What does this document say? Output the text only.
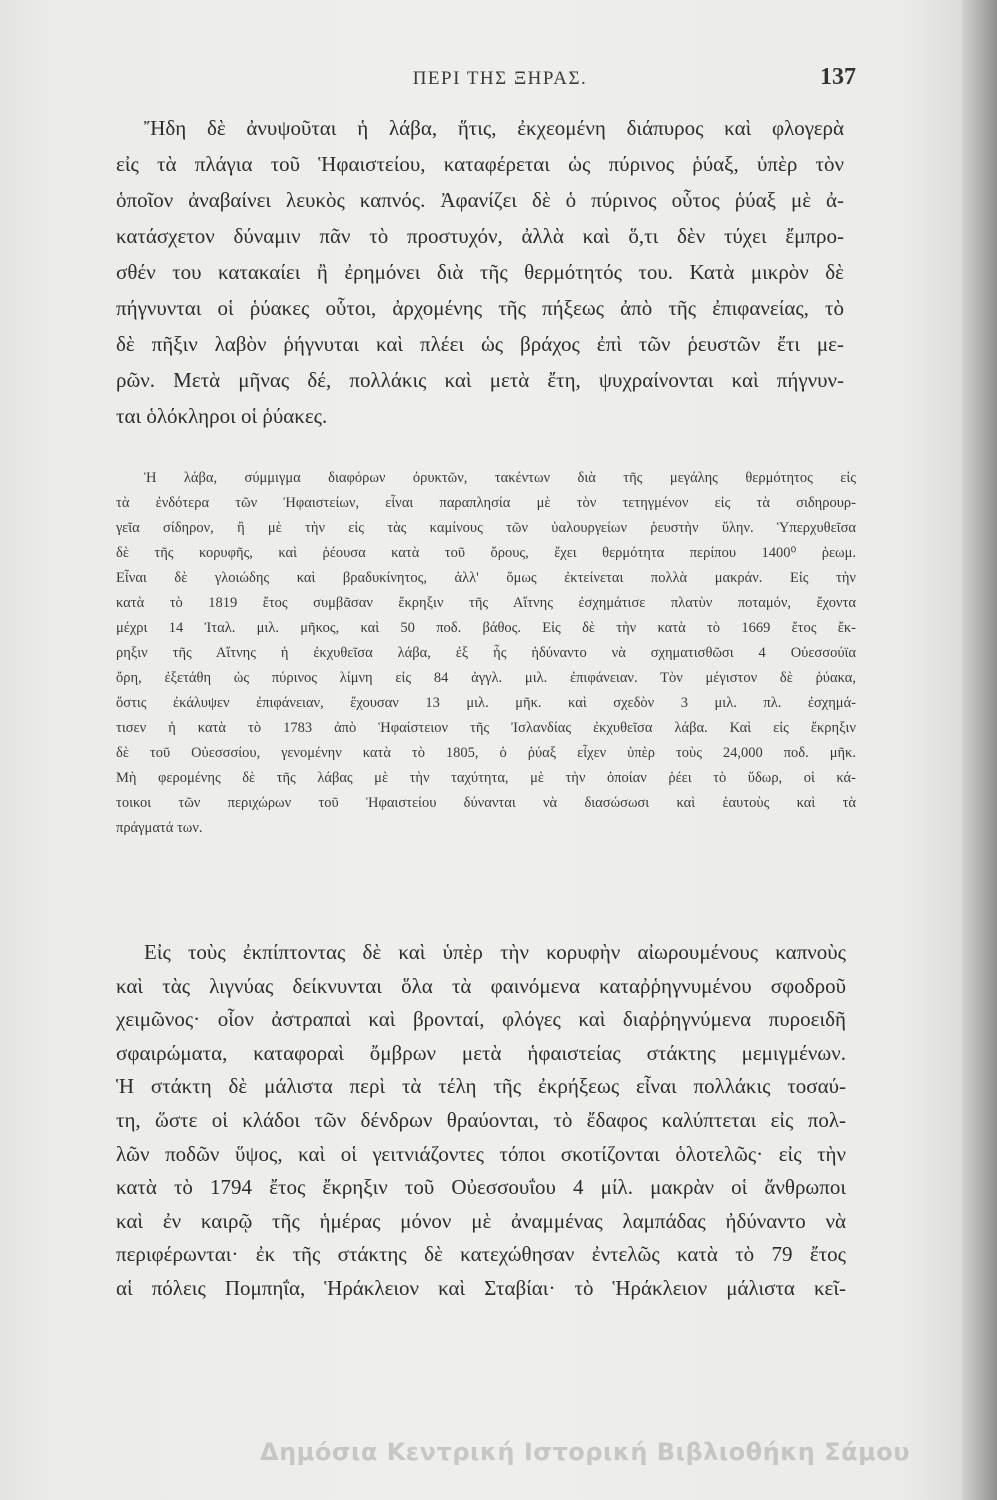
ΠΕΡΙ ΤΗΣ ΞΗΡΑΣ.	137

Ἤδη δὲ ἀνυψοῦται ἡ λάβα, ἥτις, ἐκχεομένη διάπυρος καὶ φλογερὰ
εἰς τὰ πλάγια τοῦ Ἡφαιστείου, καταφέρεται ὡς πύρινος ῥύαξ, ὑπὲρ τὸν
ὁποῖον ἀναβαίνει λευκὸς καπνός. Ἀφανίζει δὲ ὁ πύρινος οὗτος ῥύαξ μὲ ἀ-
κατάσχετον δύναμιν πᾶν τὸ προστυχόν, ἀλλὰ καὶ ὅ,τι δὲν τύχει ἔμπρο-
σθέν του κατακαίει ἢ ἐρημόνει διὰ τῆς θερμότητός του. Κατὰ μικρὸν δὲ
πήγνυνται οἱ ῥύακες οὗτοι, ἀρχομένης τῆς πήξεως ἀπὸ τῆς ἐπιφανείας, τὸ
δὲ πῆξιν λαβὸν ῥήγνυται καὶ πλέει ὡς βράχος ἐπὶ τῶν ῥευστῶν ἔτι με-
ρῶν. Μετὰ μῆνας δέ, πολλάκις καὶ μετὰ ἔτη, ψυχραίνονται καὶ πήγνυν-
ται ὁλόκληροι οἱ ῥύακες.

Ἡ λάβα, σύμμιγμα διαφόρων ὀρυκτῶν, τακέντων διὰ τῆς μεγάλης θερμότητος εἰς
τὰ ἐνδότερα τῶν Ἡφαιστείων, εἶναι παραπλησία μὲ τὸν τετηγμένον εἰς τὰ σιδηρουρ-
γεῖα σίδηρον, ἢ μὲ τὴν εἰς τὰς καμίνους τῶν ὑαλουργείων ῥευστὴν ὕλην. Ὑπερχυθεῖσα
δὲ τῆς κορυφῆς, καὶ ῥέουσα κατὰ τοῦ ὄρους, ἔχει θερμότητα περίπου 1400⁰ ῥεωμ.
Εἶναι δὲ γλοιώδης καὶ βραδυκίνητος, ἀλλ' ὅμως ἐκτείνεται πολλὰ μακράν. Εἰς τὴν
κατὰ τὸ 1819 ἔτος συμβᾶσαν ἔκρηξιν τῆς Αἴτνης ἐσχημάτισε πλατὺν ποταμόν, ἔχοντα
μέχρι 14 Ἰταλ. μιλ. μῆκος, καὶ 50 ποδ. βάθος. Εἰς δὲ τὴν κατὰ τὸ 1669 ἔτος ἔκ-
ρηξιν τῆς Αἴτνης ἡ ἐκχυθεῖσα λάβα, ἐξ ἧς ἠδύναντο νὰ σχηματισθῶσι 4 Οὐεσσούϊα
ὄρη, ἐξετάθη ὡς πύρινος λίμνη εἰς 84 ἀγγλ. μιλ. ἐπιφάνειαν. Τὸν μέγιστον δὲ ῥύακα,
ὅστις ἐκάλυψεν ἐπιφάνειαν, ἔχουσαν 13 μιλ. μῆκ. καὶ σχεδὸν 3 μιλ. πλ. ἐσχημά-
τισεν ἡ κατὰ τὸ 1783 ἀπὸ Ἡφαίστειον τῆς Ἰσλανδίας ἐκχυθεῖσα λάβα. Καὶ εἰς ἔκρηξιν
δὲ τοῦ Οὐεσσσίου, γενομένην κατὰ τὸ 1805, ὁ ῥύαξ εἶχεν ὑπὲρ τοὺς 24,000 ποδ. μῆκ.
Μὴ φερομένης δὲ τῆς λάβας μὲ τὴν ταχύτητα, μὲ τὴν ὁποίαν ῥέει τὸ ὕδωρ, οἱ κά-
τοικοι τῶν περιχώρων τοῦ Ἡφαιστείου δύνανται νὰ διασώσωσι καὶ ἑαυτοὺς καὶ τὰ
πράγματά των.

Εἰς τοὺς ἐκπίπτοντας δὲ καὶ ὑπὲρ τὴν κορυφὴν αἰωρουμένους καπνοὺς
καὶ τὰς λιγνύας δείκνυνται ὅλα τὰ φαινόμενα καταῤῥηγνυμένου σφοδροῦ
χειμῶνος· οἷον ἀστραπαὶ καὶ βρονταί, φλόγες καὶ διαῤῥηγνύμενα πυροειδῆ
σφαιρώματα, καταφοραὶ ὄμβρων μετὰ ἡφαιστείας στάκτης μεμιγμένων.
Ἡ στάκτη δὲ μάλιστα περὶ τὰ τέλη τῆς ἐκρήξεως εἶναι πολλάκις τοσαύ-
τη, ὥστε οἱ κλάδοι τῶν δένδρων θραύονται, τὸ ἔδαφος καλύπτεται εἰς πολ-
λῶν ποδῶν ὕψος, καὶ οἱ γειτνιάζοντες τόποι σκοτίζονται ὁλοτελῶς· εἰς τὴν
κατὰ τὸ 1794 ἔτος ἔκρηξιν τοῦ Οὐεσσουΐου 4 μίλ. μακρὰν οἱ ἄνθρωποι
καὶ ἐν καιρῷ τῆς ἡμέρας μόνον μὲ ἀναμμένας λαμπάδας ἠδύναντο νὰ
περιφέρωνται· ἐκ τῆς στάκτης δὲ κατεχώθησαν ἐντελῶς κατὰ τὸ 79 ἔτος
αἱ πόλεις Πομπηΐα, Ἡράκλειον καὶ Σταβίαι· τὸ Ἡράκλειον μάλιστα κεῖ-

Δημόσια Κεντρική Ιστορική Βιβλιοθήκη Σάμου
